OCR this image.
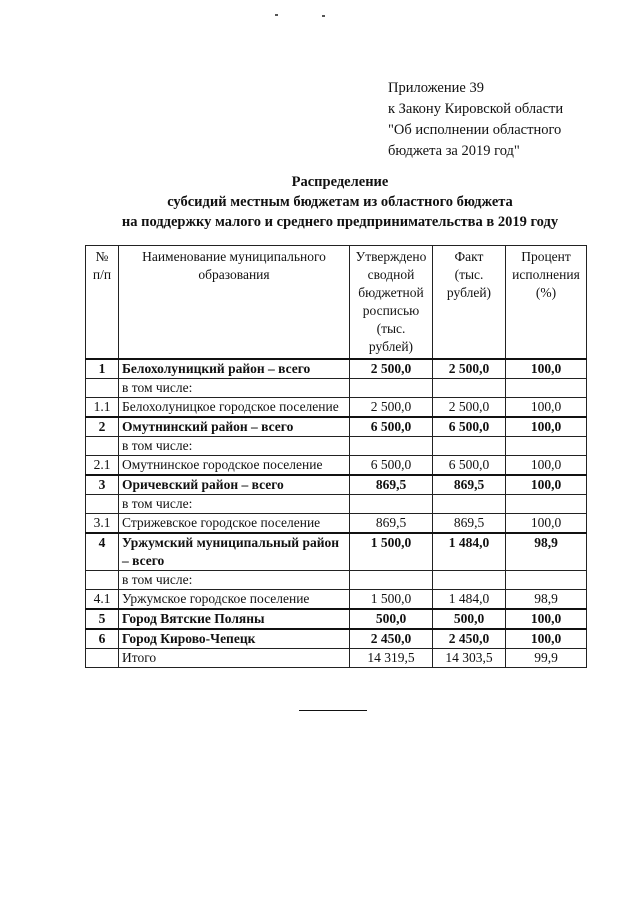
Приложение 39
к Закону Кировской области
"Об исполнении областного
бюджета за 2019 год"
Распределение
субсидий местным бюджетам из областного бюджета
на поддержку малого и среднего предпринимательства в 2019 году
№ п/п	Наименование муниципального образования	Утверждено сводной бюджетной росписью (тыс. рублей)	Факт (тыс. рублей)	Процент исполнения (%)
1	Белохолуницкий район – всего	2 500,0	2 500,0	100,0
	в том числе:			
1.1	Белохолуницкое городское поселение	2 500,0	2 500,0	100,0
2	Омутнинский район – всего	6 500,0	6 500,0	100,0
	в том числе:			
2.1	Омутнинское городское поселение	6 500,0	6 500,0	100,0
3	Оричевский район – всего	869,5	869,5	100,0
	в том числе:			
3.1	Стрижевское городское поселение	869,5	869,5	100,0
4	Уржумский муниципальный район – всего	1 500,0	1 484,0	98,9
	в том числе:			
4.1	Уржумское городское поселение	1 500,0	1 484,0	98,9
5	Город Вятские Поляны	500,0	500,0	100,0
6	Город Кирово-Чепецк	2 450,0	2 450,0	100,0
	Итого	14 319,5	14 303,5	99,9
